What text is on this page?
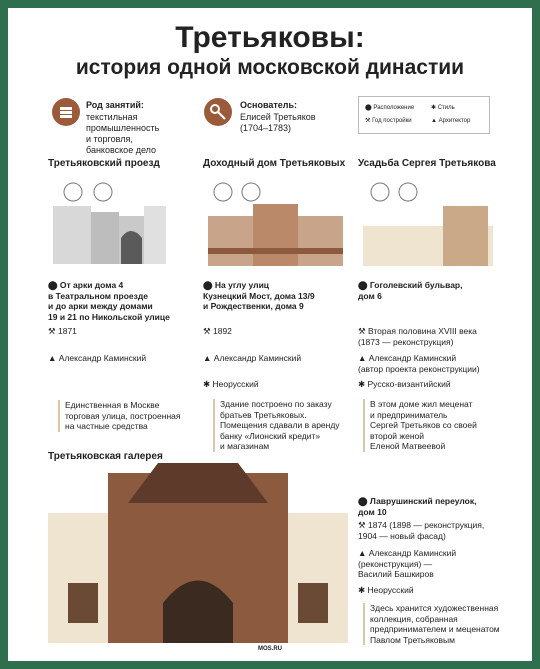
Третьяковы:
история одной московской династии
Род занятий:
текстильная
промышленность
и торговля,
банковское дело
Основатель:
Елисей Третьяков
(1704–1783)
⬤ Расположение	✱ Стиль
⚒ Год постройки	▲ Архитектор
Третьяковский проезд
⬤ От арки дома 4
в Театральном проезде
и до арки между домами
19 и 21 по Никольской улице
⚒ 1871
▲ Александр Каминский
Единственная в Москве
торговая улица, построенная
на частные средства
Доходный дом Третьяковых
⬤ На углу улиц
Кузнецкий Мост, дома 13/9
и Рождественки, дома 9
⚒ 1892
▲ Александр Каминский
✱ Неорусский
Здание построено по заказу
братьев Третьяковых.
Помещения сдавали в аренду
банку «Лионский кредит»
и магазинам
Усадьба Сергея Третьякова
⬤ Гоголевский бульвар,
дом 6
⚒ Вторая половина XVIII века
(1873 — реконструкция)
▲ Александр Каминский
(автор проекта реконструкции)
✱ Русско-византийский
В этом доме жил меценат
и предприниматель
Сергей Третьяков со своей
второй женой
Еленой Матвеевой
Третьяковская галерея
⬤ Лаврушинский переулок,
дом 10
⚒ 1874 (1898 — реконструкция,
1904 — новый фасад)
▲ Александр Каминский
(реконструкция) —
Василий Башкиров
✱ Неорусский
Здесь хранится художественная
коллекция, собранная
предпринимателем и меценатом
Павлом Третьяковым
MOS.RU
